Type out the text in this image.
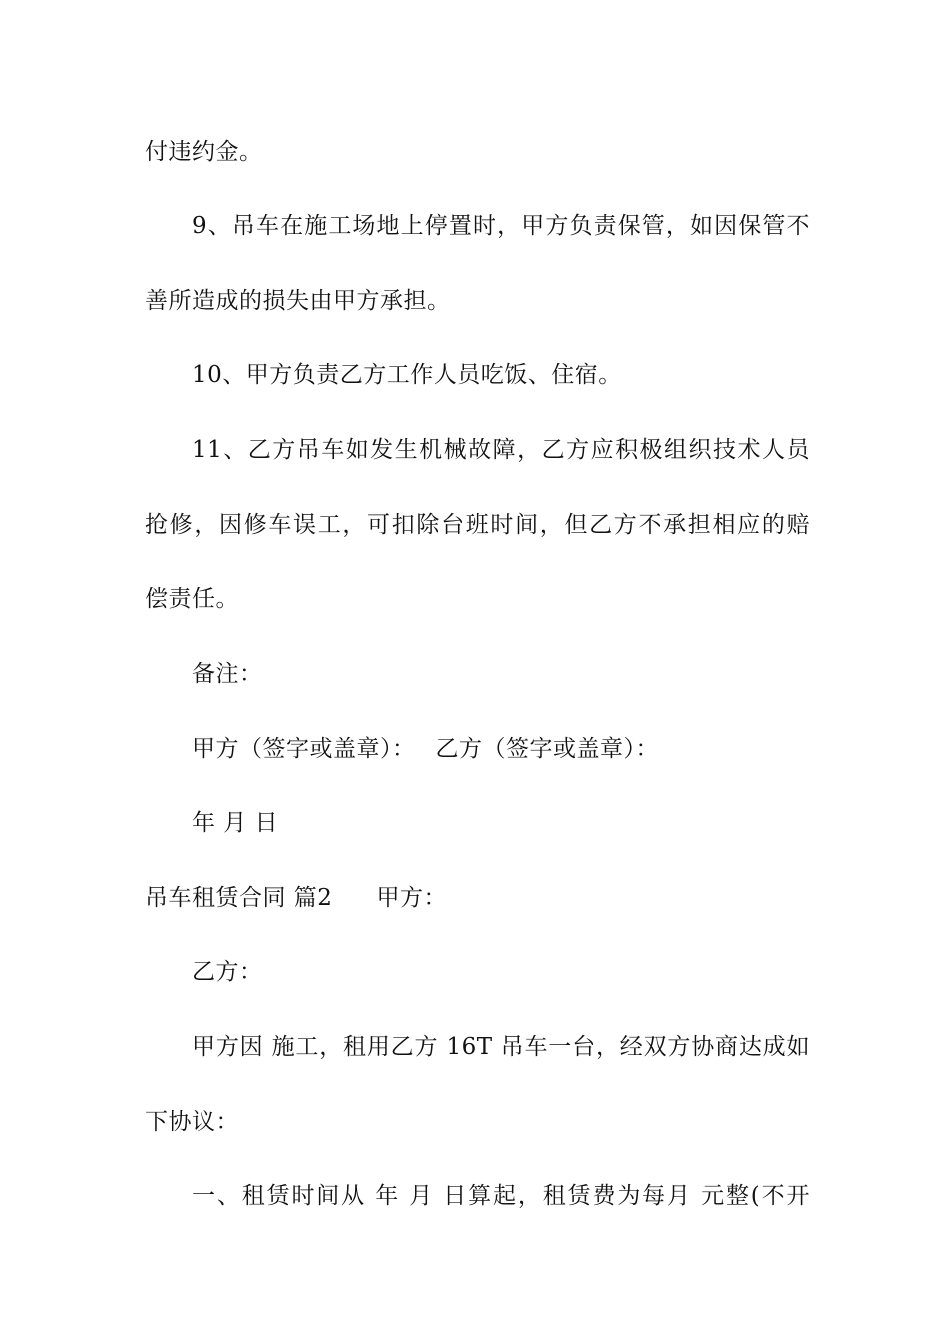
付违约金。
9、吊车在施工场地上停置时，甲方负责保管，如因保管不
善所造成的损失由甲方承担。
10、甲方负责乙方工作人员吃饭、住宿。
11、乙方吊车如发生机械故障，乙方应积极组织技术人员
抢修，因修车误工，可扣除台班时间，但乙方不承担相应的赔
偿责任。
备注：
甲方（签字或盖章）： 乙方（签字或盖章）：
年 月 日
吊车租赁合同 篇2 甲方：
乙方：
甲方因 施工，租用乙方 16T 吊车一台，经双方协商达成如
下协议：
一、租赁时间从 年 月 日算起，租赁费为每月 元整(不开
